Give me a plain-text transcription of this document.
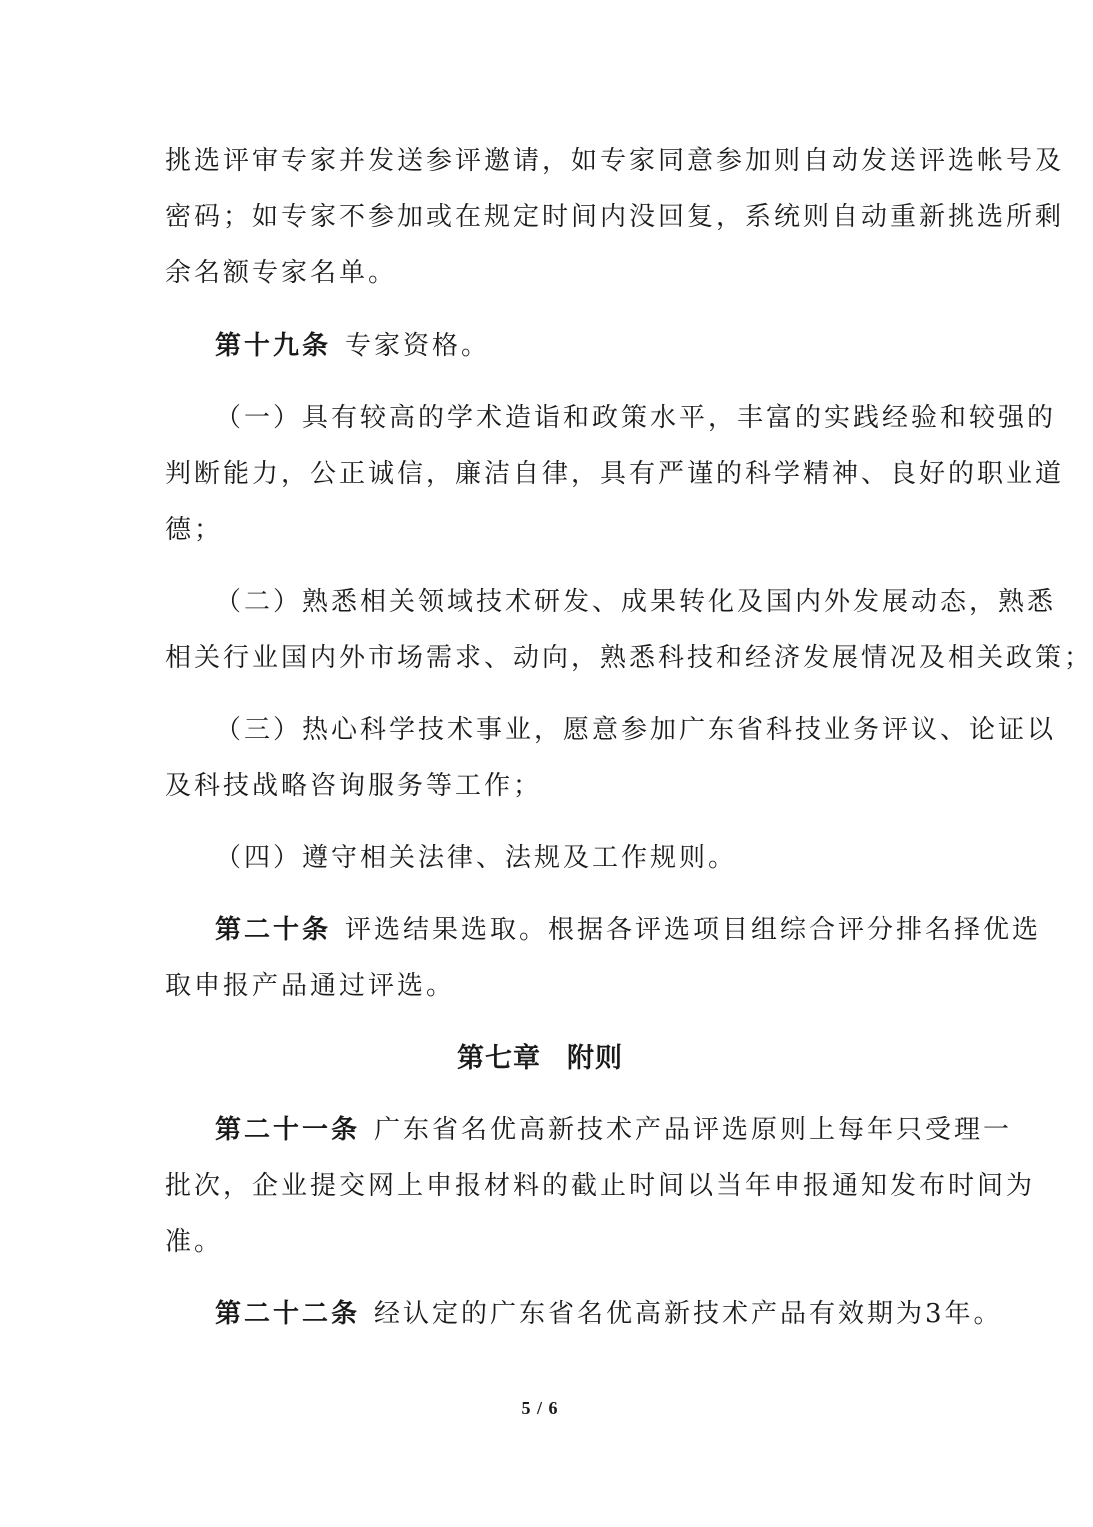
挑选评审专家并发送参评邀请，如专家同意参加则自动发送评选帐号及
密码；如专家不参加或在规定时间内没回复，系统则自动重新挑选所剩
余名额专家名单。
第十九条 专家资格。
（一）具有较高的学术造诣和政策水平，丰富的实践经验和较强的
判断能力，公正诚信，廉洁自律，具有严谨的科学精神、良好的职业道
德；
（二）熟悉相关领域技术研发、成果转化及国内外发展动态，熟悉
相关行业国内外市场需求、动向，熟悉科技和经济发展情况及相关政策；
（三）热心科学技术事业，愿意参加广东省科技业务评议、论证以
及科技战略咨询服务等工作；
（四）遵守相关法律、法规及工作规则。
第二十条 评选结果选取。根据各评选项目组综合评分排名择优选
取申报产品通过评选。
第七章 附则
第二十一条 广东省名优高新技术产品评选原则上每年只受理一
批次，企业提交网上申报材料的截止时间以当年申报通知发布时间为
准。
第二十二条 经认定的广东省名优高新技术产品有效期为3年。
5 / 6
